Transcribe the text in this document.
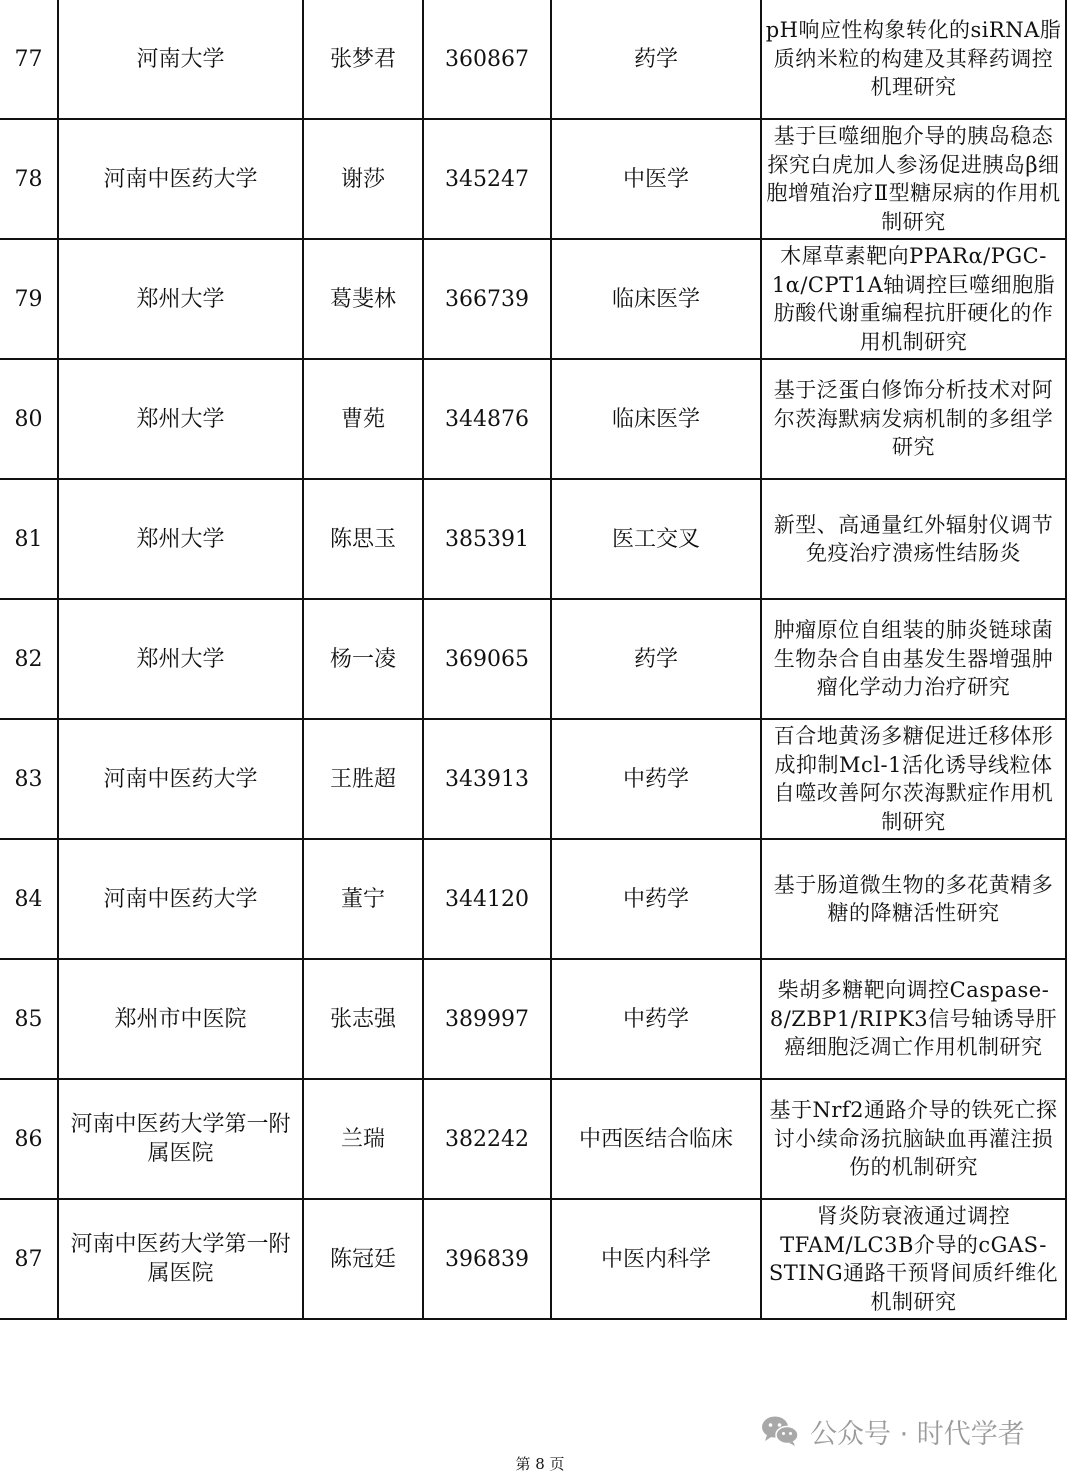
77	河南大学	张梦君	360867	药学	pH响应性构象转化的siRNA脂质纳米粒的构建及其释药调控机理研究
78	河南中医药大学	谢莎	345247	中医学	基于巨噬细胞介导的胰岛稳态探究白虎加人参汤促进胰岛β细胞增殖治疗Ⅱ型糖尿病的作用机制研究
79	郑州大学	葛斐林	366739	临床医学	木犀草素靶向PPARα/PGC-1α/CPT1A轴调控巨噬细胞脂肪酸代谢重编程抗肝硬化的作用机制研究
80	郑州大学	曹苑	344876	临床医学	基于泛蛋白修饰分析技术对阿尔茨海默病发病机制的多组学研究
81	郑州大学	陈思玉	385391	医工交叉	新型、高通量红外辐射仪调节免疫治疗溃疡性结肠炎
82	郑州大学	杨一凌	369065	药学	肿瘤原位自组装的肺炎链球菌生物杂合自由基发生器增强肿瘤化学动力治疗研究
83	河南中医药大学	王胜超	343913	中药学	百合地黄汤多糖促进迁移体形成抑制Mcl-1活化诱导线粒体自噬改善阿尔茨海默症作用机制研究
84	河南中医药大学	董宁	344120	中药学	基于肠道微生物的多花黄精多糖的降糖活性研究
85	郑州市中医院	张志强	389997	中药学	柴胡多糖靶向调控Caspase-8/ZBP1/RIPK3信号轴诱导肝癌细胞泛凋亡作用机制研究
86	河南中医药大学第一附属医院	兰瑞	382242	中西医结合临床	基于Nrf2通路介导的铁死亡探讨小续命汤抗脑缺血再灌注损伤的机制研究
87	河南中医药大学第一附属医院	陈冠廷	396839	中医内科学	肾炎防衰液通过调控TFAM/LC3B介导的cGAS-STING通路干预肾间质纤维化机制研究
公众号 · 时代学者
第 8 页
